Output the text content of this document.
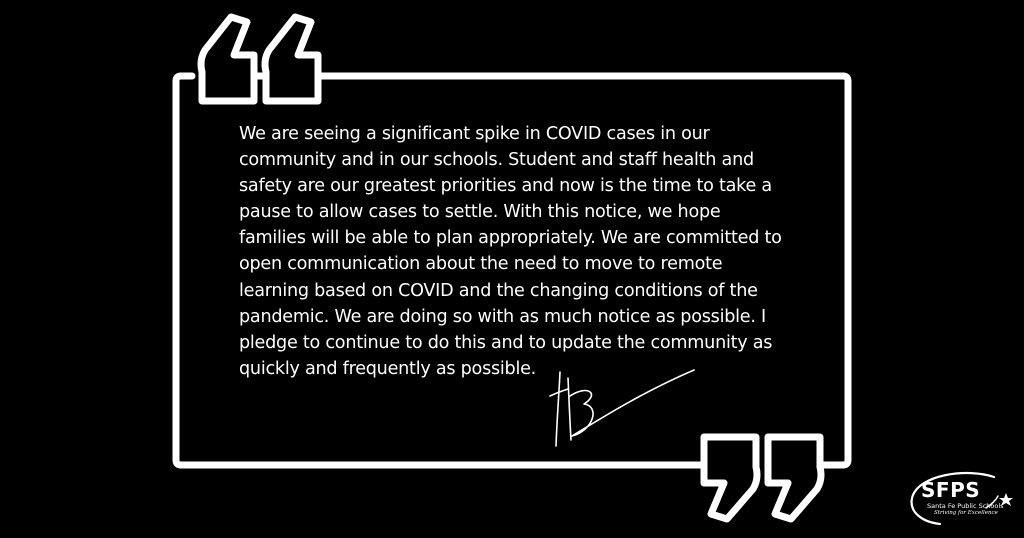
We are seeing a significant spike in COVID cases in our
community and in our schools. Student and staff health and
safety are our greatest priorities and now is the time to take a
pause to allow cases to settle. With this notice, we hope
families will be able to plan appropriately. We are committed to
open communication about the need to move to remote
learning based on COVID and the changing conditions of the
pandemic. We are doing so with as much notice as possible. I
pledge to continue to do this and to update the community as
quickly and frequently as possible.
SFPS
Santa Fe Public Schools
Striving for Excellence
